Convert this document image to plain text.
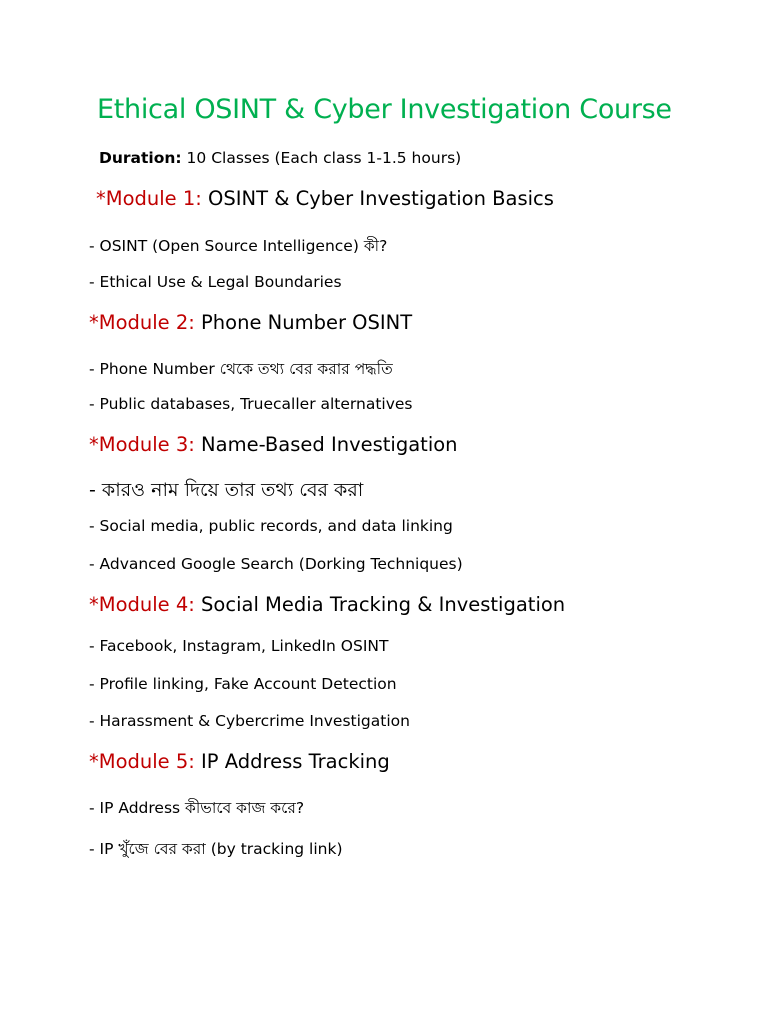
Ethical OSINT & Cyber Investigation Course
Duration: 10 Classes (Each class 1-1.5 hours)
*Module 1: OSINT & Cyber Investigation Basics
- OSINT (Open Source Intelligence) কী?
- Ethical Use & Legal Boundaries
*Module 2: Phone Number OSINT
- Phone Number থেকে তথ্য বের করার পদ্ধতি
- Public databases, Truecaller alternatives
*Module 3: Name-Based Investigation
- কারও নাম দিয়ে তার তথ্য বের করা
- Social media, public records, and data linking
- Advanced Google Search (Dorking Techniques)
*Module 4: Social Media Tracking & Investigation
- Facebook, Instagram, LinkedIn OSINT
- Profile linking, Fake Account Detection
- Harassment & Cybercrime Investigation
*Module 5: IP Address Tracking
- IP Address কীভাবে কাজ করে?
- IP খুঁজে বের করা (by tracking link)
